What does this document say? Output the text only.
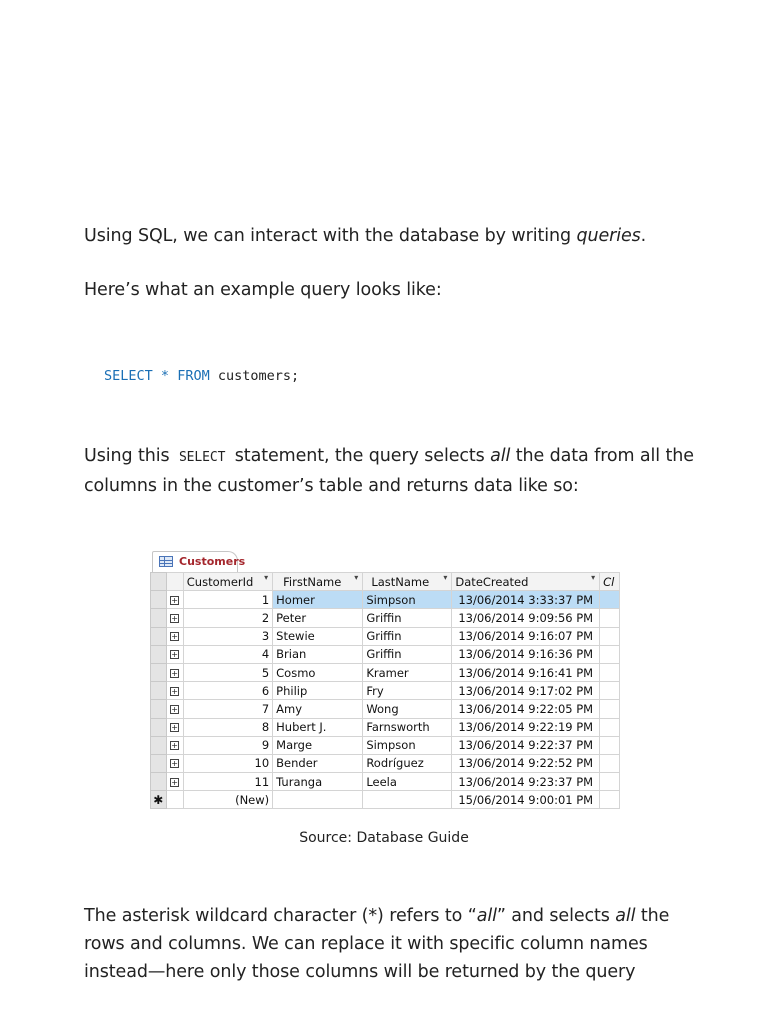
Using SQL, we can interact with the database by writing queries.

Here’s what an example query looks like:

SELECT * FROM customers;

Using this SELECT statement, the query selects all the data from all the columns in the customer’s table and returns data like so:

Customers
		CustomerId ▾	FirstName ▾	LastName ▾	DateCreated ▾	Cl
	+	1	Homer	Simpson	13/06/2014 3:33:37 PM	
	+	2	Peter	Griffin	13/06/2014 9:09:56 PM	
	+	3	Stewie	Griffin	13/06/2014 9:16:07 PM	
	+	4	Brian	Griffin	13/06/2014 9:16:36 PM	
	+	5	Cosmo	Kramer	13/06/2014 9:16:41 PM	
	+	6	Philip	Fry	13/06/2014 9:17:02 PM	
	+	7	Amy	Wong	13/06/2014 9:22:05 PM	
	+	8	Hubert J.	Farnsworth	13/06/2014 9:22:19 PM	
	+	9	Marge	Simpson	13/06/2014 9:22:37 PM	
	+	10	Bender	Rodríguez	13/06/2014 9:22:52 PM	
	+	11	Turanga	Leela	13/06/2014 9:23:37 PM	
✱		(New)			15/06/2014 9:00:01 PM	
Source: Database Guide

The asterisk wildcard character (*) refers to “all” and selects all the rows and columns. We can replace it with specific column names instead—here only those columns will be returned by the query
